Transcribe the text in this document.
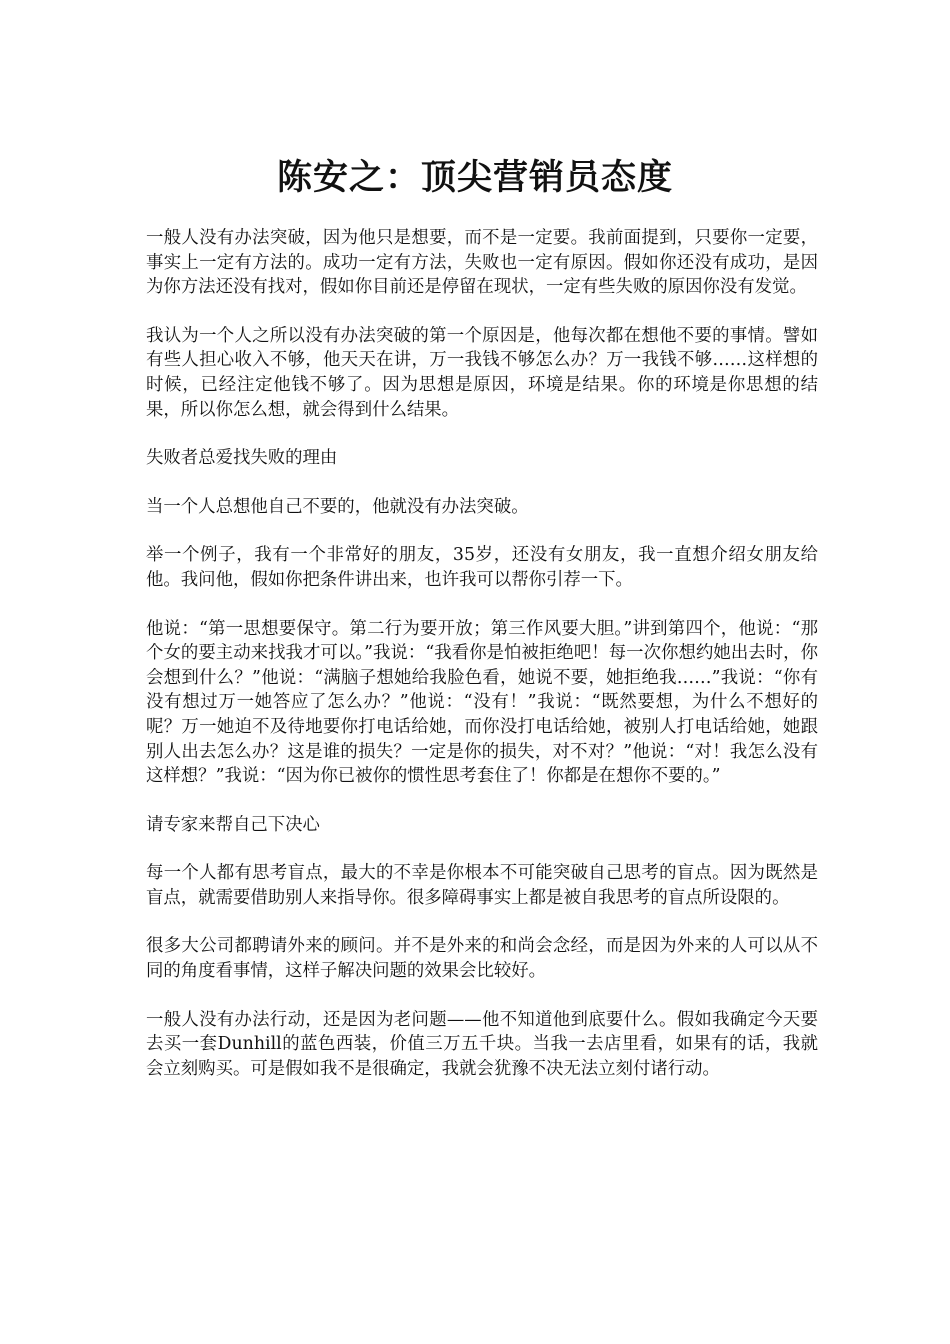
陈安之：顶尖营销员态度

一般人没有办法突破，因为他只是想要，而不是一定要。我前面提到，只要你一定要，事实上一定有方法的。成功一定有方法，失败也一定有原因。假如你还没有成功，是因为你方法还没有找对，假如你目前还是停留在现状，一定有些失败的原因你没有发觉。

我认为一个人之所以没有办法突破的第一个原因是，他每次都在想他不要的事情。譬如有些人担心收入不够，他天天在讲，万一我钱不够怎么办？万一我钱不够……这样想的时候，已经注定他钱不够了。因为思想是原因，环境是结果。你的环境是你思想的结果，所以你怎么想，就会得到什么结果。

失败者总爱找失败的理由

当一个人总想他自己不要的，他就没有办法突破。

举一个例子，我有一个非常好的朋友，35岁，还没有女朋友，我一直想介绍女朋友给他。我问他，假如你把条件讲出来，也许我可以帮你引荐一下。

他说：“第一思想要保守。第二行为要开放；第三作风要大胆。”讲到第四个，他说：“那个女的要主动来找我才可以。”我说：“我看你是怕被拒绝吧！每一次你想约她出去时，你会想到什么？”他说：“满脑子想她给我脸色看，她说不要，她拒绝我……”我说：“你有没有想过万一她答应了怎么办？”他说：“没有！”我说：“既然要想，为什么不想好的呢？万一她迫不及待地要你打电话给她，而你没打电话给她，被别人打电话给她，她跟别人出去怎么办？这是谁的损失？一定是你的损失，对不对？”他说：“对！我怎么没有这样想？”我说：“因为你已被你的惯性思考套住了！你都是在想你不要的。”

请专家来帮自己下决心

每一个人都有思考盲点，最大的不幸是你根本不可能突破自己思考的盲点。因为既然是盲点，就需要借助别人来指导你。很多障碍事实上都是被自我思考的盲点所设限的。

很多大公司都聘请外来的顾问。并不是外来的和尚会念经，而是因为外来的人可以从不同的角度看事情，这样子解决问题的效果会比较好。

一般人没有办法行动，还是因为老问题——他不知道他到底要什么。假如我确定今天要去买一套Dunhill的蓝色西装，价值三万五千块。当我一去店里看，如果有的话，我就会立刻购买。可是假如我不是很确定，我就会犹豫不决无法立刻付诸行动。
